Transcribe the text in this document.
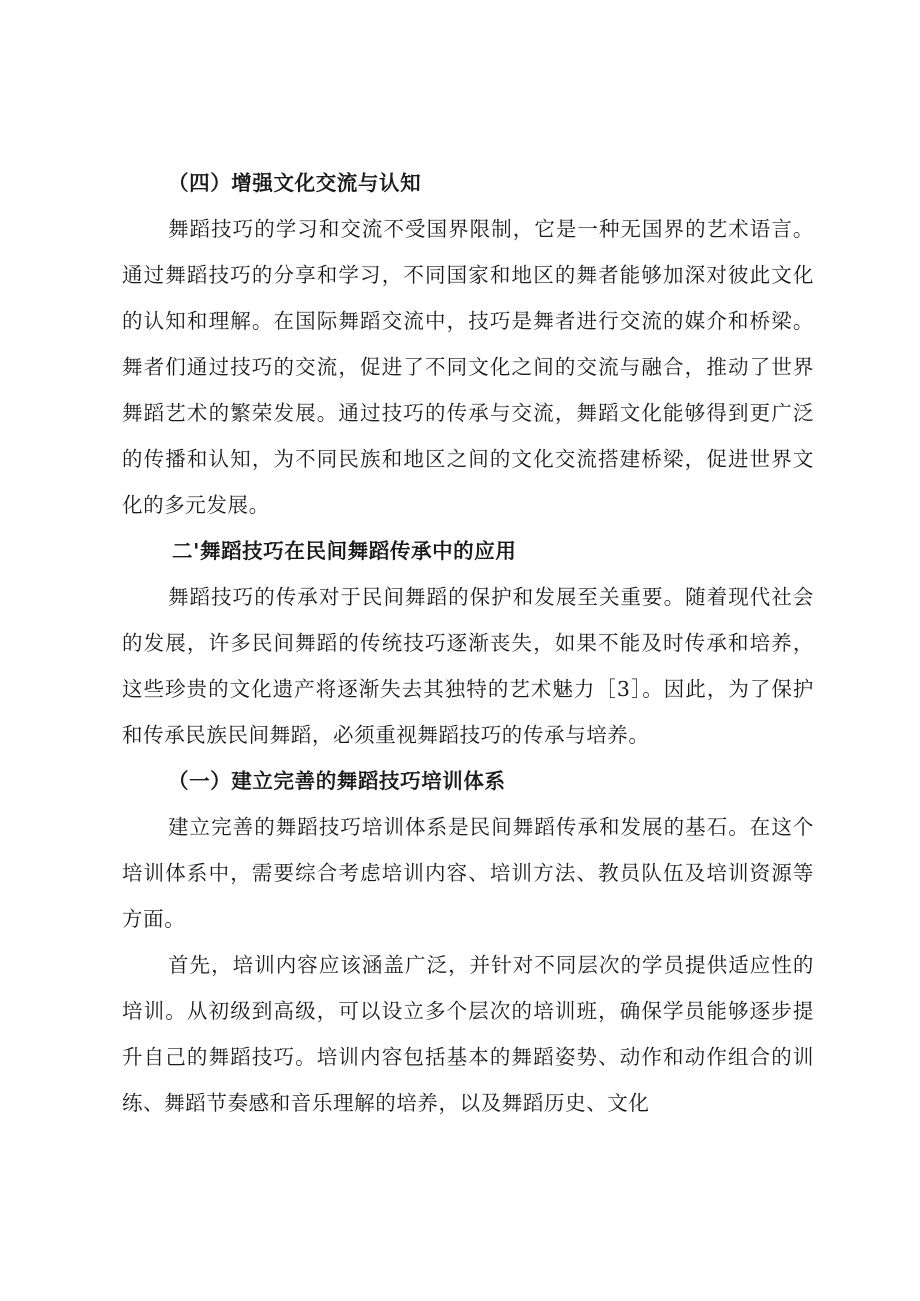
（四）增强文化交流与认知

舞蹈技巧的学习和交流不受国界限制，它是一种无国界的艺术语言。通过舞蹈技巧的分享和学习，不同国家和地区的舞者能够加深对彼此文化的认知和理解。在国际舞蹈交流中，技巧是舞者进行交流的媒介和桥梁。舞者们通过技巧的交流，促进了不同文化之间的交流与融合，推动了世界舞蹈艺术的繁荣发展。通过技巧的传承与交流，舞蹈文化能够得到更广泛的传播和认知，为不同民族和地区之间的文化交流搭建桥梁，促进世界文化的多元发展。

二'舞蹈技巧在民间舞蹈传承中的应用

舞蹈技巧的传承对于民间舞蹈的保护和发展至关重要。随着现代社会的发展，许多民间舞蹈的传统技巧逐渐丧失，如果不能及时传承和培养，这些珍贵的文化遗产将逐渐失去其独特的艺术魅力［3］。因此，为了保护和传承民族民间舞蹈，必须重视舞蹈技巧的传承与培养。

（一）建立完善的舞蹈技巧培训体系

建立完善的舞蹈技巧培训体系是民间舞蹈传承和发展的基石。在这个培训体系中，需要综合考虑培训内容、培训方法、教员队伍及培训资源等方面。

首先，培训内容应该涵盖广泛，并针对不同层次的学员提供适应性的培训。从初级到高级，可以设立多个层次的培训班，确保学员能够逐步提升自己的舞蹈技巧。培训内容包括基本的舞蹈姿势、动作和动作组合的训练、舞蹈节奏感和音乐理解的培养，以及舞蹈历史、文化
